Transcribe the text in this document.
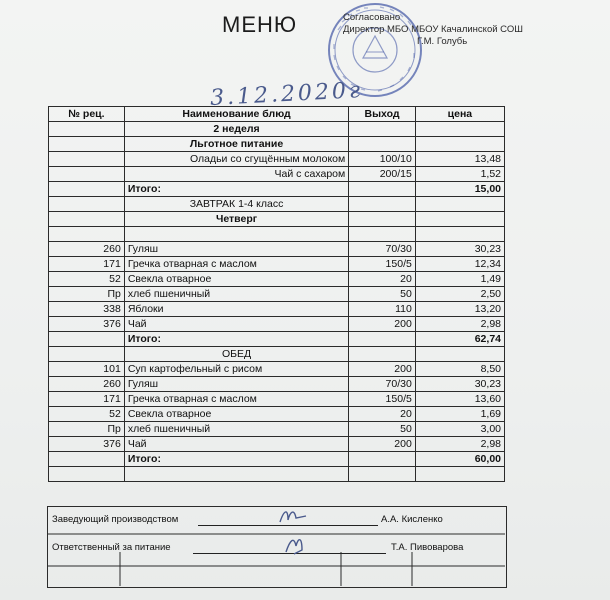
МЕНЮ	Согласовано
Директор МБО МБОУ Качалинской СОШ
Г.М. Голубь
3.12.2020г
№ рец.	Наименование блюд	Выход	цена
	2 неделя		
	Льготное питание		
	Оладьи со сгущённым молоком	100/10	13,48
	Чай с сахаром	200/15	1,52
	Итого:		15,00
	ЗАВТРАК 1-4 класс		
	Четверг		

260	Гуляш	70/30	30,23
171	Гречка отварная с маслом	150/5	12,34
52	Свекла отварное	20	1,49
Пр	хлеб пшеничный	50	2,50
338	Яблоки	110	13,20
376	Чай	200	2,98
	Итого:		62,74
	ОБЕД		
101	Суп картофельный с рисом	200	8,50
260	Гуляш	70/30	30,23
171	Гречка отварная с маслом	150/5	13,60
52	Свекла отварное	20	1,69
Пр	хлеб пшеничный	50	3,00
376	Чай	200	2,98
	Итого:		60,00

Заведующий производством	А.А. Кисленко
Ответственный за питание	Т.А. Пивоварова
